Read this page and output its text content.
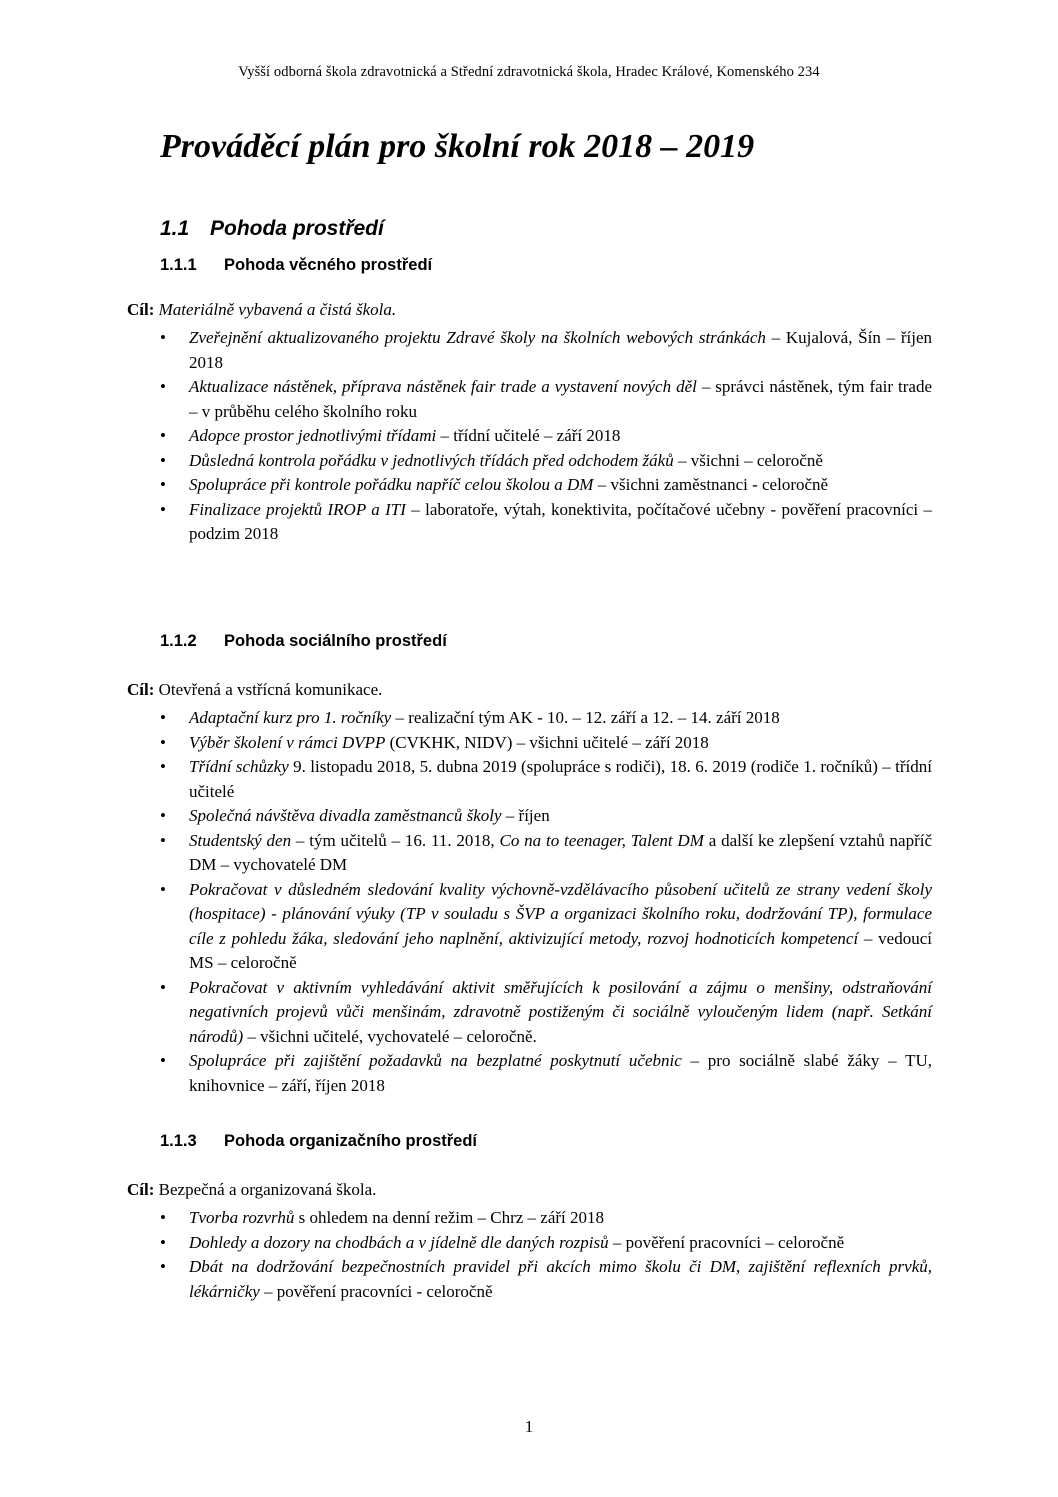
Vyšší odborná škola zdravotnická a Střední zdravotnická škola, Hradec Králové, Komenského 234
Prováděcí plán pro školní rok 2018 – 2019
1.1 Pohoda prostředí
1.1.1 Pohoda věcného prostředí

Cíl: Materiálně vybavená a čistá škola.

• Zveřejnění aktualizovaného projektu Zdravé školy na školních webových stránkách – Kujalová, Šín – říjen 2018
• Aktualizace nástěnek, příprava nástěnek fair trade a vystavení nových děl – správci nástěnek, tým fair trade – v průběhu celého školního roku
• Adopce prostor jednotlivými třídami – třídní učitelé – září 2018
• Důsledná kontrola pořádku v jednotlivých třídách před odchodem žáků – všichni – celoročně
• Spolupráce při kontrole pořádku napříč celou školou a DM – všichni zaměstnanci - celoročně
• Finalizace projektů IROP a ITI – laboratoře, výtah, konektivita, počítačové učebny - pověření pracovníci – podzim 2018
1.1.2 Pohoda sociálního prostředí

Cíl: Otevřená a vstřícná komunikace.

• Adaptační kurz pro 1. ročníky – realizační tým AK - 10. – 12. září a 12. – 14. září 2018
• Výběr školení v rámci DVPP (CVKHK, NIDV) – všichni učitelé – září 2018
• Třídní schůzky 9. listopadu 2018, 5. dubna 2019 (spolupráce s rodiči), 18. 6. 2019 (rodiče 1. ročníků) – třídní učitelé
• Společná návštěva divadla zaměstnanců školy – říjen
• Studentský den – tým učitelů – 16. 11. 2018, Co na to teenager, Talent DM a další ke zlepšení vztahů napříč DM – vychovatelé DM
• Pokračovat v důsledném sledování kvality výchovně-vzdělávacího působení učitelů ze strany vedení školy (hospitace) - plánování výuky (TP v souladu s ŠVP a organizaci školního roku, dodržování TP), formulace cíle z pohledu žáka, sledování jeho naplnění, aktivizující metody, rozvoj hodnoticích kompetencí – vedoucí MS – celoročně
• Pokračovat v aktivním vyhledávání aktivit směřujících k posilování a zájmu o menšiny, odstraňování negativních projevů vůči menšinám, zdravotně postiženým či sociálně vyloučeným lidem (např. Setkání národů) – všichni učitelé, vychovatelé – celoročně.
• Spolupráce při zajištění požadavků na bezplatné poskytnutí učebnic – pro sociálně slabé žáky – TU, knihovnice – září, říjen 2018
1.1.3 Pohoda organizačního prostředí

Cíl: Bezpečná a organizovaná škola.

• Tvorba rozvrhů s ohledem na denní režim – Chrz – září 2018
• Dohledy a dozory na chodbách a v jídelně dle daných rozpisů – pověření pracovníci – celoročně
• Dbát na dodržování bezpečnostních pravidel při akcích mimo školu či DM, zajištění reflexních prvků, lékárničky – pověření pracovníci - celoročně
1
